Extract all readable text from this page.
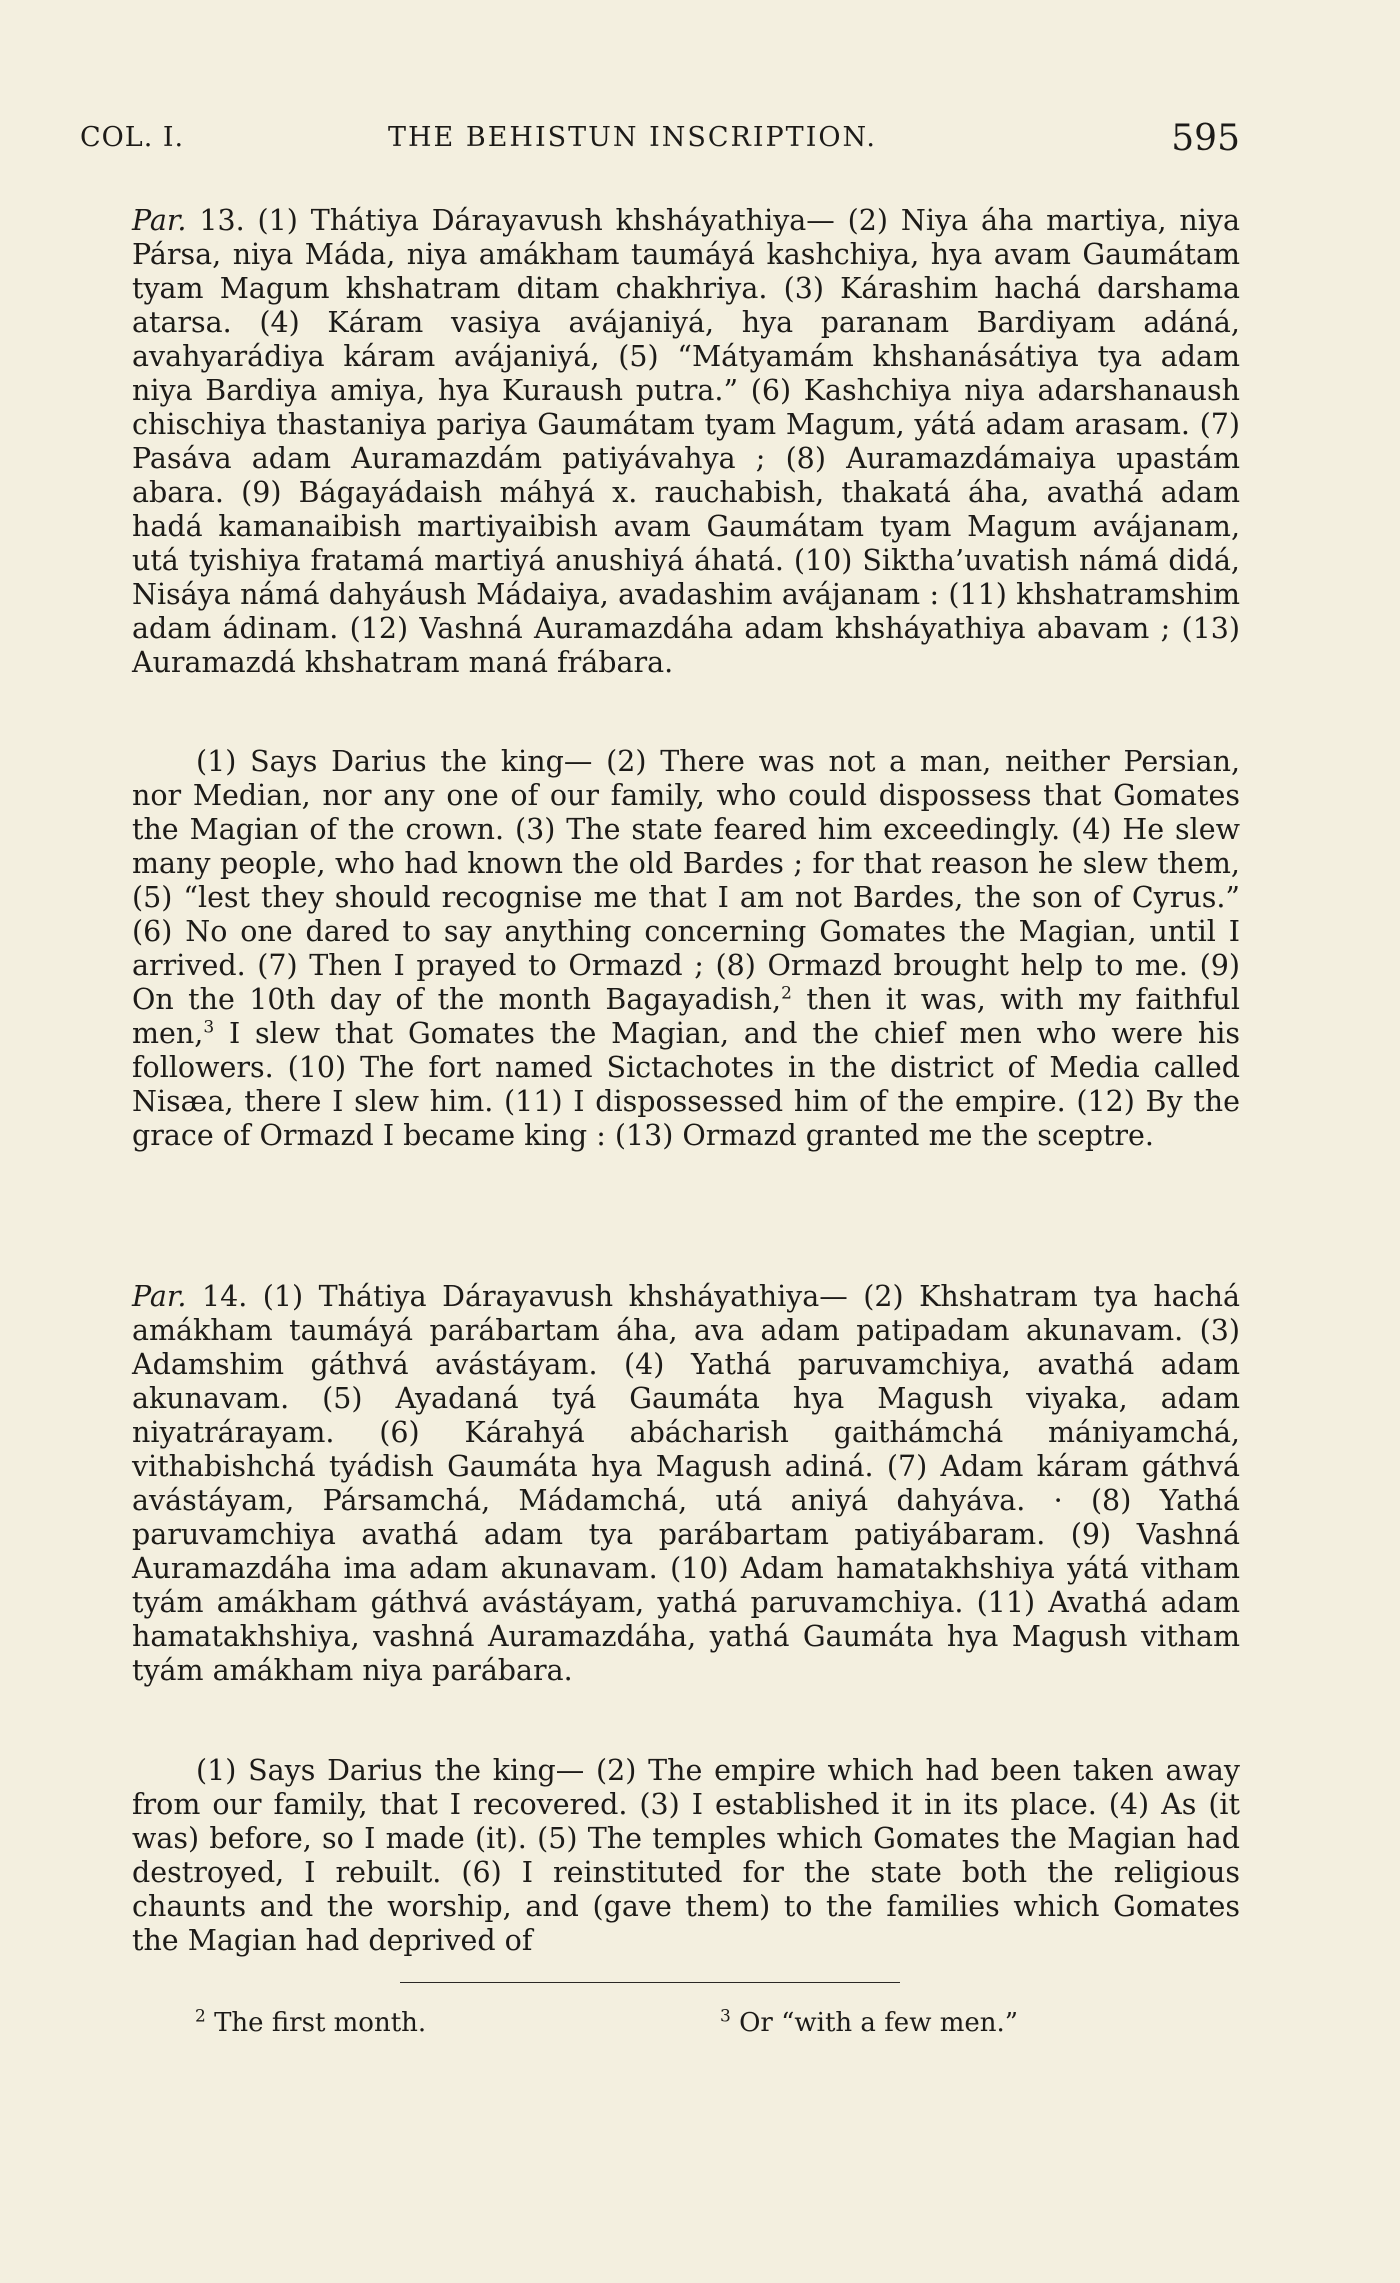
COL. I.	THE BEHISTUN INSCRIPTION.	595

Par. 13. (1) Thátiya Dárayavush khsháyathiya— (2) Niya áha martiya, niya Pársa, niya Máda, niya amákham taumáyá kashchiya, hya avam Gaumátam tyam Magum khshatram ditam chakhriya. (3) Kárashim hachá darshama atarsa. (4) Káram vasiya avájaniyá, hya paranam Bardiyam adáná, avahyarádiya káram avájaniyá, (5) “Mátyamám khshanásátiya tya adam niya Bardiya amiya, hya Kuraush putra.” (6) Kashchiya niya adarshanaush chischiya thastaniya pariya Gaumátam tyam Magum, yátá adam arasam. (7) Pasáva adam Auramazdám patiyávahya ; (8) Auramazdámaiya upastám abara. (9) Bágayádaish máhyá x. rauchabish, thakatá áha, avathá adam hadá kamanaibish martiyaibish avam Gaumátam tyam Magum avájanam, utá tyishiya fratamá martiyá anushiyá áhatá. (10) Siktha’uvatish námá didá, Nisáya námá dahyáush Mádaiya, avadashim avájanam : (11) khshatramshim adam ádinam. (12) Vashná Auramazdáha adam khsháyathiya abavam ; (13) Auramazdá khshatram maná frábara.

(1) Says Darius the king— (2) There was not a man, neither Persian, nor Median, nor any one of our family, who could dispossess that Gomates the Magian of the crown. (3) The state feared him exceedingly. (4) He slew many people, who had known the old Bardes ; for that reason he slew them, (5) “lest they should recognise me that I am not Bardes, the son of Cyrus.” (6) No one dared to say anything concerning Gomates the Magian, until I arrived. (7) Then I prayed to Ormazd ; (8) Ormazd brought help to me. (9) On the 10th day of the month Bagayadish,$^2$ then it was, with my faithful men,$^3$ I slew that Gomates the Magian, and the chief men who were his followers. (10) The fort named Sictachotes in the district of Media called Nisæa, there I slew him. (11) I dispossessed him of the empire. (12) By the grace of Ormazd I became king : (13) Ormazd granted me the sceptre.

Par. 14. (1) Thátiya Dárayavush khsháyathiya— (2) Khshatram tya hachá amákham taumáyá parábartam áha, ava adam patipadam akunavam. (3) Adamshim gáthvá avástáyam. (4) Yathá paruvamchiya, avathá adam akunavam. (5) Ayadaná tyá Gaumáta hya Magush viyaka, adam niyatrárayam. (6) Kárahyá abácharish gaithámchá mániyamchá, vithabishchá tyádish Gaumáta hya Magush adiná. (7) Adam káram gáthvá avástáyam, Pársamchá, Mádamchá, utá aniyá dahyáva. · (8) Yathá paruvamchiya avathá adam tya parábartam patiyábaram. (9) Vashná Auramazdáha ima adam akunavam. (10) Adam hamatakhshiya yátá vitham tyám amákham gáthvá avástáyam, yathá paruvamchiya. (11) Avathá adam hamatakhshiya, vashná Auramazdáha, yathá Gaumáta hya Magush vitham tyám amákham niya parábara.

(1) Says Darius the king— (2) The empire which had been taken away from our family, that I recovered. (3) I established it in its place. (4) As (it was) before, so I made (it). (5) The temples which Gomates the Magian had destroyed, I rebuilt. (6) I reinstituted for the state both the religious chaunts and the worship, and (gave them) to the families which Gomates the Magian had deprived of

$^2$ The first month.	$^3$ Or “with a few men.”
